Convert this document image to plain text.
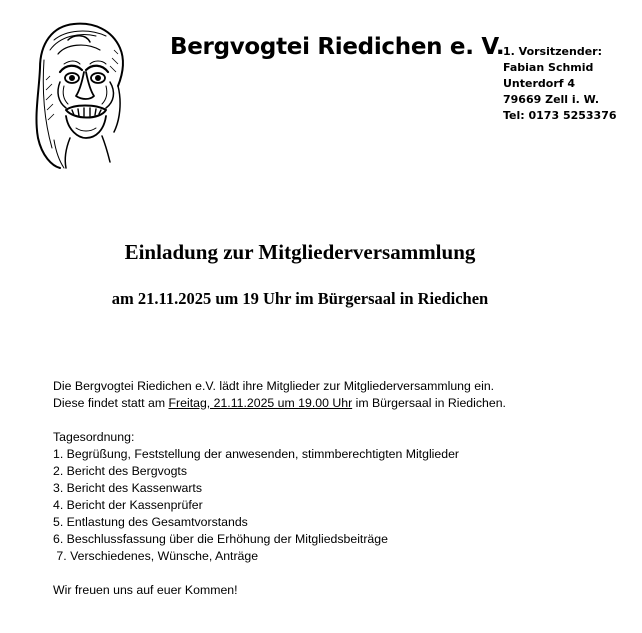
Bergvogtei Riedichen e. V.
1. Vorsitzender:
Fabian Schmid
Unterdorf 4
79669 Zell i. W.
Tel: 0173 5253376
Einladung zur Mitgliederversammlung
am 21.11.2025 um 19 Uhr im Bürgersaal in Riedichen
Die Bergvogtei Riedichen e.V. lädt ihre Mitglieder zur Mitgliederversammlung ein.
Diese findet statt am Freitag, 21.11.2025 um 19.00 Uhr im Bürgersaal in Riedichen.
Tagesordnung:
1. Begrüßung, Feststellung der anwesenden, stimmberechtigten Mitglieder
2. Bericht des Bergvogts
3. Bericht des Kassenwarts
4. Bericht der Kassenprüfer
5. Entlastung des Gesamtvorstands
6. Beschlussfassung über die Erhöhung der Mitgliedsbeiträge
7. Verschiedenes, Wünsche, Anträge
Wir freuen uns auf euer Kommen!
